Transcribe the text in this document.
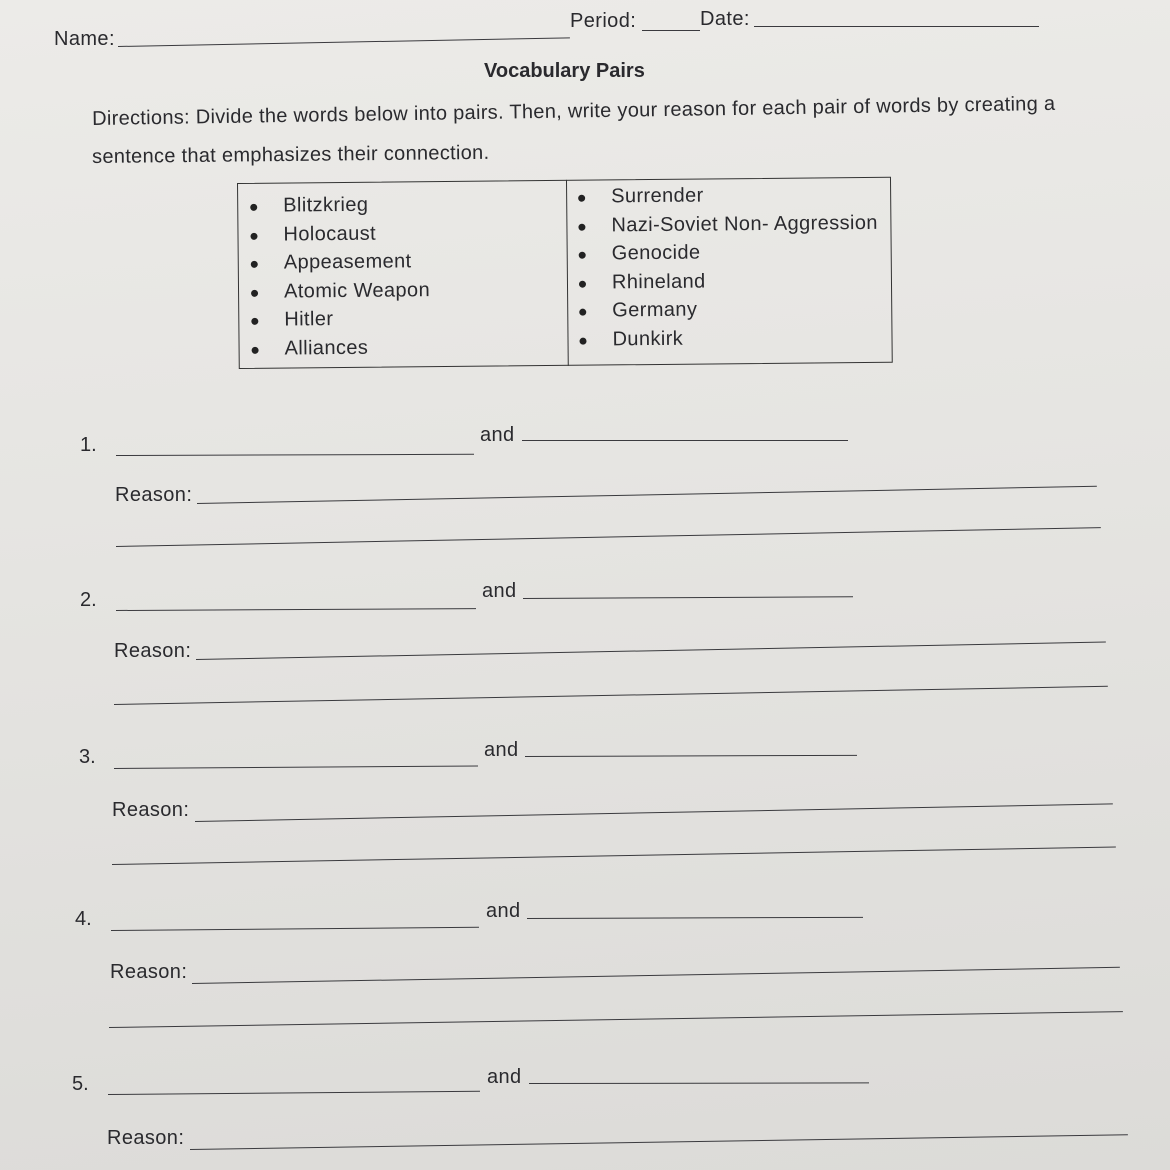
Name:
Period:	Date:
Vocabulary Pairs
Directions: Divide the words below into pairs. Then, write your reason for each pair of words by creating a
sentence that emphasizes their connection.
Blitzkrieg
Holocaust
Appeasement
Atomic Weapon
Hitler
Alliances
Surrender
Nazi-Soviet Non- Aggression
Genocide
Rhineland
Germany
Dunkirk
1.	and
Reason:
2.	and
Reason:
3.	and
Reason:
4.	and
Reason:
5.	and
Reason:
